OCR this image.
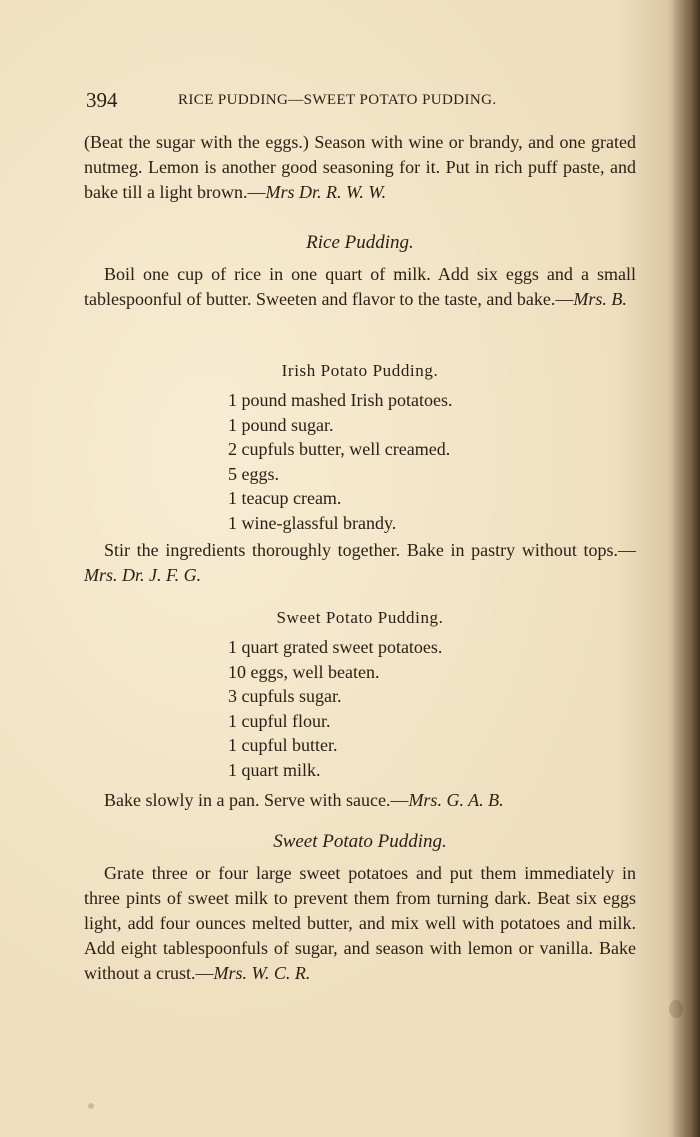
394	RICE PUDDING—SWEET POTATO PUDDING.

(Beat the sugar with the eggs.) Season with wine or brandy, and one grated nutmeg. Lemon is another good seasoning for it. Put in rich puff paste, and bake till a light brown.—Mrs Dr. R. W. W.

Rice Pudding.

Boil one cup of rice in one quart of milk. Add six eggs and a small tablespoonful of butter. Sweeten and flavor to the taste, and bake.—Mrs. B.

Irish Potato Pudding.
1 pound mashed Irish potatoes.
1 pound sugar.
2 cupfuls butter, well creamed.
5 eggs.
1 teacup cream.
1 wine-glassful brandy.

Stir the ingredients thoroughly together. Bake in pastry without tops.—Mrs. Dr. J. F. G.

Sweet Potato Pudding.
1 quart grated sweet potatoes.
10 eggs, well beaten.
3 cupfuls sugar.
1 cupful flour.
1 cupful butter.
1 quart milk.

Bake slowly in a pan. Serve with sauce.—Mrs. G. A. B.

Sweet Potato Pudding.

Grate three or four large sweet potatoes and put them immediately in three pints of sweet milk to prevent them from turning dark. Beat six eggs light, add four ounces melted butter, and mix well with potatoes and milk. Add eight tablespoonfuls of sugar, and season with lemon or vanilla. Bake without a crust.—Mrs. W. C. R.
